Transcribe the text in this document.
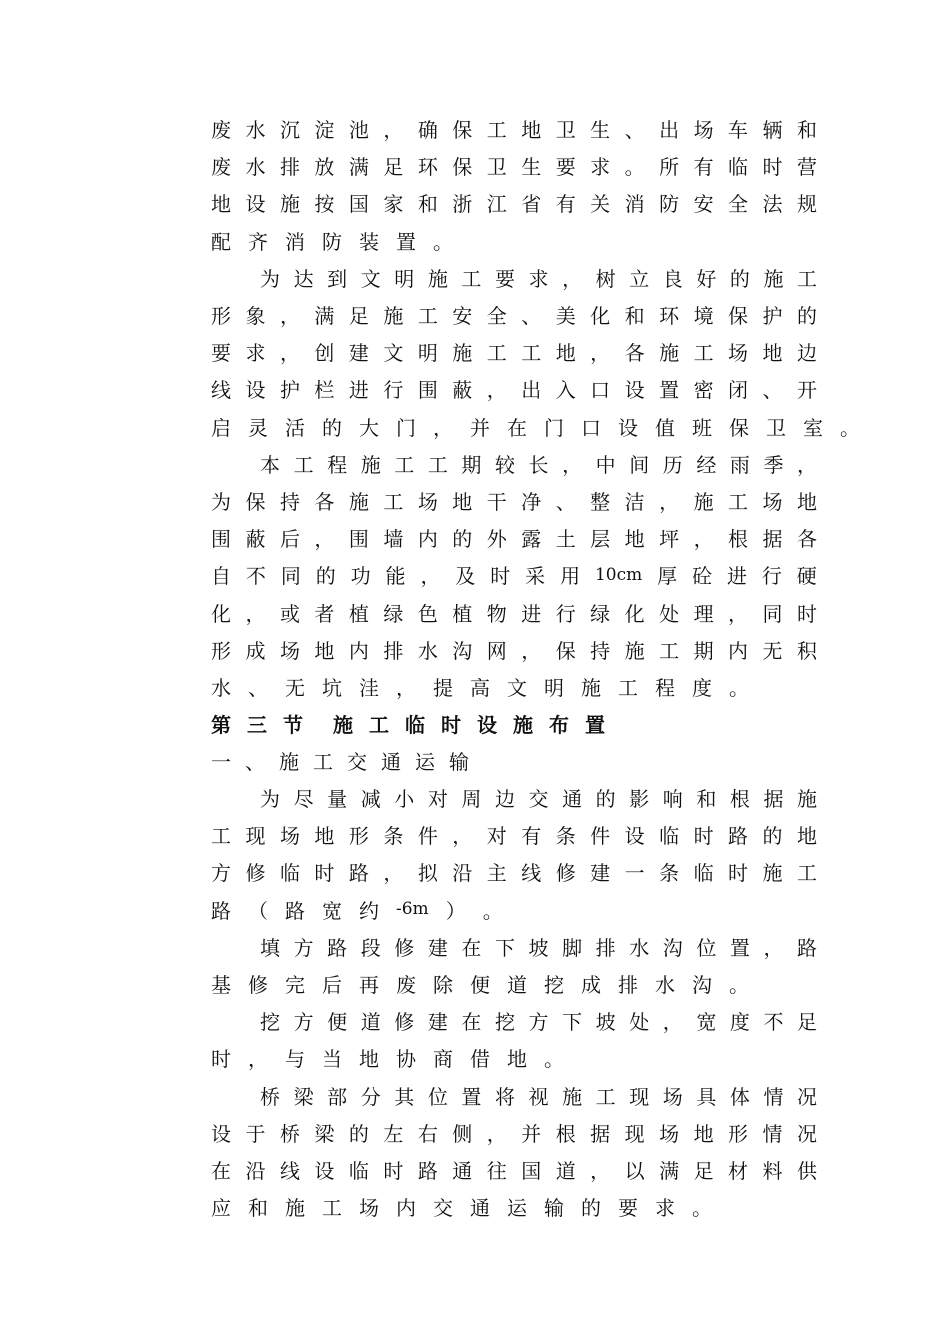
废 水 沉 淀 池 ， 确 保 工 地 卫 生 、 出 场 车 辆 和
废 水 排 放 满 足 环 保 卫 生 要 求 。 所 有 临 时 营
地 设 施 按 国 家 和 浙 江 省 有 关 消 防 安 全 法 规
配 齐 消 防 装 置 。
为 达 到 文 明 施 工 要 求 ， 树 立 良 好 的 施 工
形 象 ， 满 足 施 工 安 全 、 美 化 和 环 境 保 护 的
要 求 ， 创 建 文 明 施 工 工 地 ， 各 施 工 场 地 边
线 设 护 栏 进 行 围 蔽 ， 出 入 口 设 置 密 闭 、 开
启 灵 活 的 大 门 ， 并 在 门 口 设 值 班 保 卫 室 。
本 工 程 施 工 工 期 较 长 ， 中 间 历 经 雨 季 ，
为 保 持 各 施 工 场 地 干 净 、 整 洁 ， 施 工 场 地
围 蔽 后 ， 围 墙 内 的 外 露 土 层 地 坪 ， 根 据 各
自 不 同 的 功 能 ， 及 时 采 用 10cm 厚 砼 进 行 硬
化 ， 或 者 植 绿 色 植 物 进 行 绿 化 处 理 ， 同 时
形 成 场 地 内 排 水 沟 网 ， 保 持 施 工 期 内 无 积
水 、 无 坑 洼 ， 提 高 文 明 施 工 程 度 。
第 三 节 施 工 临 时 设 施 布 置
一 、 施 工 交 通 运 输
为 尽 量 减 小 对 周 边 交 通 的 影 响 和 根 据 施
工 现 场 地 形 条 件 ， 对 有 条 件 设 临 时 路 的 地
方 修 临 时 路 ， 拟 沿 主 线 修 建 一 条 临 时 施 工
路 （ 路 宽 约 -6m ） 。
填 方 路 段 修 建 在 下 坡 脚 排 水 沟 位 置 ， 路
基 修 完 后 再 废 除 便 道 挖 成 排 水 沟 。
挖 方 便 道 修 建 在 挖 方 下 坡 处 ， 宽 度 不 足
时 ， 与 当 地 协 商 借 地 。
桥 梁 部 分 其 位 置 将 视 施 工 现 场 具 体 情 况
设 于 桥 梁 的 左 右 侧 ， 并 根 据 现 场 地 形 情 况
在 沿 线 设 临 时 路 通 往 国 道 ， 以 满 足 材 料 供
应 和 施 工 场 内 交 通 运 输 的 要 求 。
